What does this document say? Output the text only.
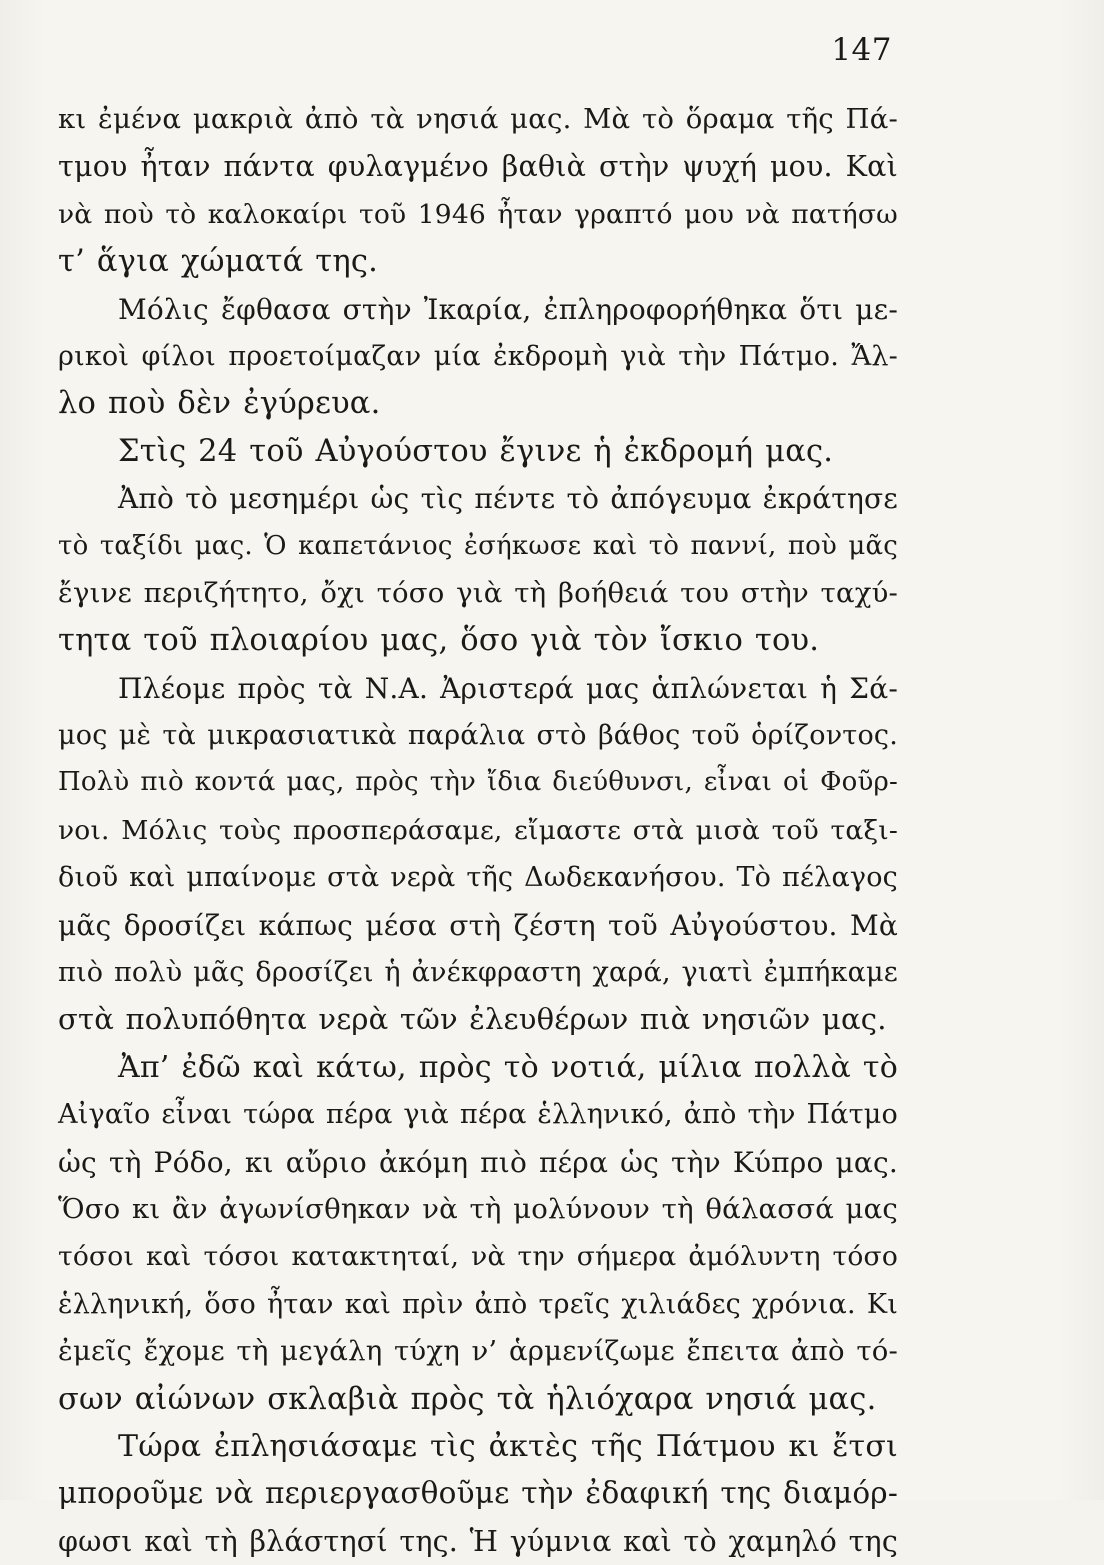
147
κι ἐμένα μακριὰ ἀπὸ τὰ νησιά μας. Μὰ τὸ ὅραμα τῆς Πά-
τμου ἦταν πάντα φυλαγμένο βαθιὰ στὴν ψυχή μου. Καὶ
νὰ ποὺ τὸ καλοκαίρι τοῦ 1946 ἦταν γραπτό μου νὰ πατήσω
τ’ ἅγια χώματά της.
Μόλις ἔφθασα στὴν Ἰκαρία, ἐπληροφορήθηκα ὅτι με-
ρικοὶ φίλοι προετοίμαζαν μία ἐκδρομὴ γιὰ τὴν Πάτμο. Ἄλ-
λο ποὺ δὲν ἐγύρευα.
Στὶς 24 τοῦ Αὐγούστου ἔγινε ἡ ἐκδρομή μας.
Ἀπὸ τὸ μεσημέρι ὡς τὶς πέντε τὸ ἀπόγευμα ἐκράτησε
τὸ ταξίδι μας. Ὁ καπετάνιος ἐσήκωσε καὶ τὸ παννί, ποὺ μᾶς
ἔγινε περιζήτητο, ὄχι τόσο γιὰ τὴ βοήθειά του στὴν ταχύ-
τητα τοῦ πλοιαρίου μας, ὅσο γιὰ τὸν ἴσκιο του.
Πλέομε πρὸς τὰ Ν.Α. Ἀριστερά μας ἁπλώνεται ἡ Σά-
μος μὲ τὰ μικρασιατικὰ παράλια στὸ βάθος τοῦ ὁρίζοντος.
Πολὺ πιὸ κοντά μας, πρὸς τὴν ἴδια διεύθυνσι, εἶναι οἱ Φοῦρ-
νοι. Μόλις τοὺς προσπεράσαμε, εἴμαστε στὰ μισὰ τοῦ ταξι-
διοῦ καὶ μπαίνομε στὰ νερὰ τῆς Δωδεκανήσου. Τὸ πέλαγος
μᾶς δροσίζει κάπως μέσα στὴ ζέστη τοῦ Αὐγούστου. Μὰ
πιὸ πολὺ μᾶς δροσίζει ἡ ἀνέκφραστη χαρά, γιατὶ ἐμπήκαμε
στὰ πολυπόθητα νερὰ τῶν ἐλευθέρων πιὰ νησιῶν μας.
Ἀπ’ ἐδῶ καὶ κάτω, πρὸς τὸ νοτιά, μίλια πολλὰ τὸ
Αἰγαῖο εἶναι τώρα πέρα γιὰ πέρα ἑλληνικό, ἀπὸ τὴν Πάτμο
ὡς τὴ Ρόδο, κι αὔριο ἀκόμη πιὸ πέρα ὡς τὴν Κύπρο μας.
Ὅσο κι ἂν ἀγωνίσθηκαν νὰ τὴ μολύνουν τὴ θάλασσά μας
τόσοι καὶ τόσοι κατακτηταί, νὰ την σήμερα ἀμόλυντη τόσο
ἑλληνική, ὅσο ἦταν καὶ πρὶν ἀπὸ τρεῖς χιλιάδες χρόνια. Κι
ἐμεῖς ἔχομε τὴ μεγάλη τύχη ν’ ἁρμενίζωμε ἔπειτα ἀπὸ τό-
σων αἰώνων σκλαβιὰ πρὸς τὰ ἡλιόχαρα νησιά μας.
Τώρα ἐπλησιάσαμε τὶς ἀκτὲς τῆς Πάτμου κι ἔτσι
μποροῦμε νὰ περιεργασθοῦμε τὴν ἐδαφική της διαμόρ-
φωσι καὶ τὴ βλάστησί της. Ἡ γύμνια καὶ τὸ χαμηλό της
